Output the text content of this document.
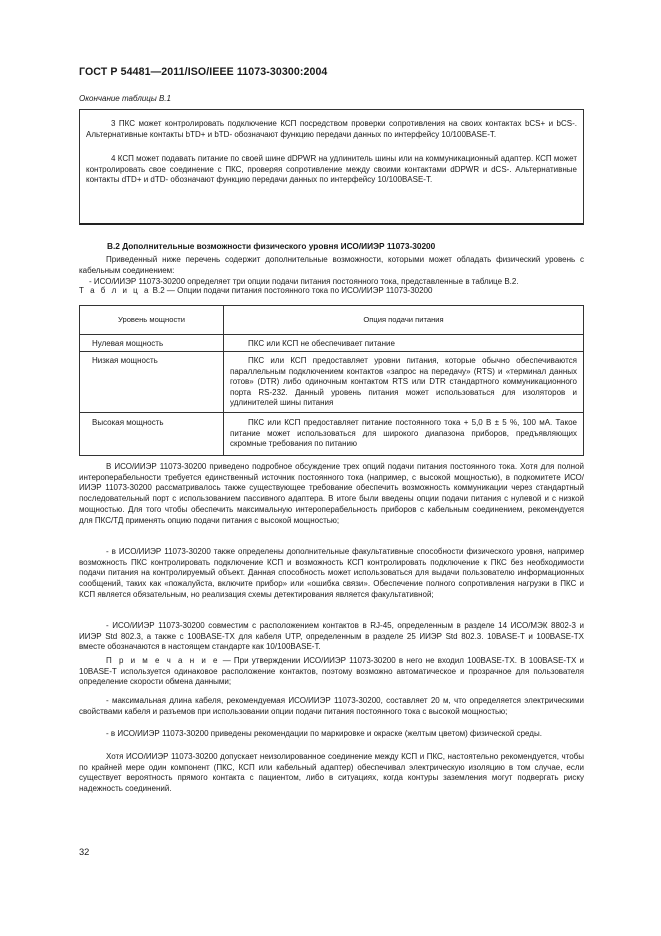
ГОСТ Р 54481—2011/ISO/IEEE 11073-30300:2004
Окончание таблицы В.1

3 ПКС может контролировать подключение КСП посредством проверки сопротивления на своих контактах bCS+ и bCS-. Альтернативные контакты bTD+ и bTD- обозначают функцию передачи данных по интерфейсу 10/100BASE-T.

4 КСП может подавать питание по своей шине dDPWR на удлинитель шины или на коммуникационный адаптер. КСП может контролировать свое соединение с ПКС, проверяя сопротивление между своими контактами dDPWR и dCS-. Альтернативные контакты dTD+ и dTD- обозначают функцию передачи данных по интерфейсу 10/100BASE-T.

В.2 Дополнительные возможности физического уровня ИСО/ИИЭР 11073-30200

Приведенный ниже перечень содержит дополнительные возможности, которыми может обладать физический уровень с кабельным соединением:

- ИСО/ИИЭР 11073-30200 определяет три опции подачи питания постоянного тока, представленные в таблице В.2.

Т а б л и ц а В.2 — Опции подачи питания постоянного тока по ИСО/ИИЭР 11073-30200
Уровень мощности	Опция подачи питания
Нулевая мощность	ПКС или КСП не обеспечивает питание
Низкая мощность	ПКС или КСП предоставляет уровни питания, которые обычно обеспечиваются параллельным подключением контактов «запрос на передачу» (RTS) и «терминал данных готов» (DTR) либо одиночным контактом RTS или DTR стандартного коммуникационного порта RS-232. Данный уровень питания может использоваться для изоляторов и удлинителей шины питания
Высокая мощность	ПКС или КСП предоставляет питание постоянного тока + 5,0 В ± 5 %, 100 мА. Такое питание может использоваться для широкого диапазона приборов, предъявляющих скромные требования по питанию

В ИСО/ИИЭР 11073-30200 приведено подробное обсуждение трех опций подачи питания постоянного тока. Хотя для полной интероперабельности требуется единственный источник постоянного тока (например, с высокой мощностью), в подкомитете ИСО/ИИЭР 11073-30200 рассматривалось также существующее требование обеспечить возможность коммуникации через стандартный последовательный порт с использованием пассивного адаптера. В итоге были введены опции подачи питания с нулевой и с низкой мощностью. Для того чтобы обеспечить максимальную интероперабельность приборов с кабельным соединением, рекомендуется для ПКС/ТД применять опцию подачи питания с высокой мощностью;

- в ИСО/ИИЭР 11073-30200 также определены дополнительные факультативные способности физического уровня, например возможность ПКС контролировать подключение КСП и возможность КСП контролировать подключение к ПКС без необходимости подачи питания на контролируемый объект. Данная способность может использоваться для выдачи пользователю информационных сообщений, таких как «пожалуйста, включите прибор» или «ошибка связи». Обеспечение полного сопротивления нагрузки в ПКС и КСП является обязательным, но реализация схемы детектирования является факультативной;

- ИСО/ИИЭР 11073-30200 совместим с расположением контактов в RJ-45, определенным в разделе 14 ИСО/МЭК 8802-3 и ИИЭР Std 802.3, а также с 100BASE-TX для кабеля UTP, определенным в разделе 25 ИИЭР Std 802.3. 10BASE-T и 100BASE-TX вместе обозначаются в настоящем стандарте как 10/100BASE-T.

П р и м е ч а н и е — При утверждении ИСО/ИИЭР 11073-30200 в него не входил 100BASE-TX. В 100BASE-TX и 10BASE-T используется одинаковое расположение контактов, поэтому возможно автоматическое и прозрачное для пользователя определение скорости обмена данными;

- максимальная длина кабеля, рекомендуемая ИСО/ИИЭР 11073-30200, составляет 20 м, что определяется электрическими свойствами кабеля и разъемов при использовании опции подачи питания постоянного тока с высокой мощностью;

- в ИСО/ИИЭР 11073-30200 приведены рекомендации по маркировке и окраске (желтым цветом) физической среды.

Хотя ИСО/ИИЭР 11073-30200 допускает неизолированное соединение между КСП и ПКС, настоятельно рекомендуется, чтобы по крайней мере один компонент (ПКС, КСП или кабельный адаптер) обеспечивал электрическую изоляцию в том случае, если существует вероятность прямого контакта с пациентом, либо в ситуациях, когда контуры заземления могут подвергать риску надежность соединений.

32
